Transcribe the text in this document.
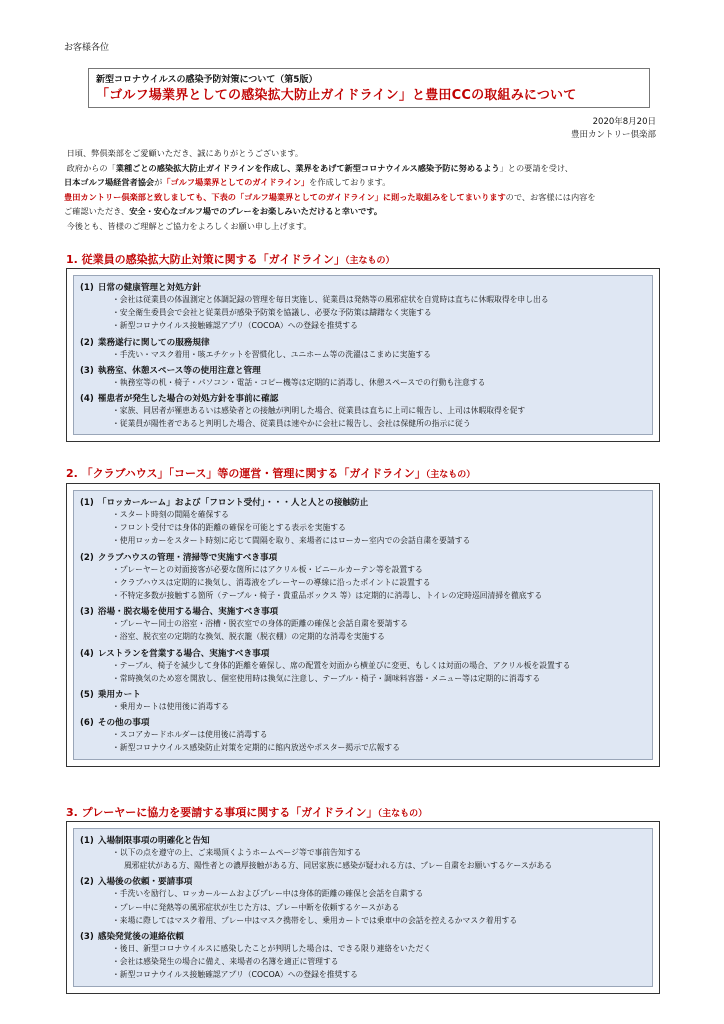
お客様各位
新型コロナウイルスの感染予防対策について（第5版）
「ゴルフ場業界としての感染拡大防止ガイドライン」と豊田CCの取組みについて
2020年8月20日
豊田カントリー倶楽部

日頃、弊倶楽部をご愛顧いただき、誠にありがとうございます。

政府からの「業種ごとの感染拡大防止ガイドラインを作成し、業界をあげて新型コロナウイルス感染予防に努めるよう」との要請を受け、

日本ゴルフ場経営者協会が「ゴルフ場業界としてのガイドライン」を作成しております。

豊田カントリー倶楽部と致しましても、下表の「ゴルフ場業界としてのガイドライン」に則った取組みをしてまいりますので、お客様には内容を

ご確認いただき、安全・安心なゴルフ場でのプレーをお楽しみいただけると幸いです。

今後とも、皆様のご理解とご協力をよろしくお願い申し上げます。

1. 従業員の感染拡大防止対策に関する「ガイドライン」（主なもの）
(1) 日常の健康管理と対処方針
・会社は従業員の体温測定と体調記録の管理を毎日実施し、従業員は発熱等の風邪症状を自覚時は直ちに休暇取得を申し出る
・安全衛生委員会で会社と従業員が感染予防策を協議し、必要な予防策は躊躇なく実施する
・新型コロナウイルス接触確認アプリ（COCOA）への登録を推奨する
(2) 業務遂行に関しての服務規律
・手洗い・マスク着用・咳エチケットを習慣化し、ユニホーム等の洗濯はこまめに実施する
(3) 執務室、休憩スペース等の使用注意と管理
・執務室等の机・椅子・パソコン・電話・コピー機等は定期的に消毒し、休憩スペースでの行動も注意する
(4) 罹患者が発生した場合の対処方針を事前に確認
・家族、同居者が罹患あるいは感染者との接触が判明した場合、従業員は直ちに上司に報告し、上司は休暇取得を促す
・従業員が陽性者であると判明した場合、従業員は速やかに会社に報告し、会社は保健所の指示に従う
2. 「クラブハウス」「コース」等の運営・管理に関する「ガイドライン」（主なもの）
(1) 「ロッカールーム」および「フロント受付」・・・人と人との接触防止
・スタート時刻の間隔を確保する
・フロント受付では身体的距離の確保を可能とする表示を実施する
・使用ロッカーをスタート時刻に応じて間隔を取り、来場者にはローカー室内での会話自粛を要請する
(2) クラブハウスの管理・清掃等で実施すべき事項
・プレーヤーとの対面接客が必要な箇所にはアクリル板・ビニールカーテン等を設置する
・クラブハウスは定期的に換気し、消毒液をプレーヤーの導線に沿ったポイントに設置する
・不特定多数が接触する箇所（テーブル・椅子・貴重品ボックス 等）は定期的に消毒し、トイレの定時巡回清掃を徹底する
(3) 浴場・脱衣場を使用する場合、実施すべき事項
・プレーヤー同士の浴室・浴槽・脱衣室での身体的距離の確保と会話自粛を要請する
・浴室、脱衣室の定期的な換気、脱衣籠（脱衣棚）の定期的な消毒を実施する
(4) レストランを営業する場合、実施すべき事項
・テーブル、椅子を減少して身体的距離を確保し、席の配置を対面から横並びに変更、もしくは対面の場合、アクリル板を設置する
・常時換気のため窓を開放し、個室使用時は換気に注意し、テーブル・椅子・調味料容器・メニュー等は定期的に消毒する
(5) 乗用カート
・乗用カートは使用後に消毒する
(6) その他の事項
・スコアカードホルダーは使用後に消毒する
・新型コロナウイルス感染防止対策を定期的に館内放送やポスター掲示で広報する
3. プレーヤーに協力を要請する事項に関する「ガイドライン」（主なもの）
(1) 入場制限事項の明確化と告知
・以下の点を遵守の上、ご来場頂くようホームページ等で事前告知する
風邪症状がある方、陽性者との濃厚接触がある方、同居家族に感染が疑われる方は、プレー自粛をお願いするケースがある
(2) 入場後の依頼・要請事項
・手洗いを励行し、ロッカールームおよびプレー中は身体的距離の確保と会話を自粛する
・プレー中に発熱等の風邪症状が生じた方は、プレー中断を依頼するケースがある
・来場に際してはマスク着用、プレー中はマスク携帯をし、乗用カートでは乗車中の会話を控えるかマスク着用する
(3) 感染発覚後の連絡依頼
・後日、新型コロナウイルスに感染したことが判明した場合は、できる限り連絡をいただく
・会社は感染発生の場合に備え、来場者の名簿を適正に管理する
・新型コロナウイルス接触確認アプリ（COCOA）への登録を推奨する
